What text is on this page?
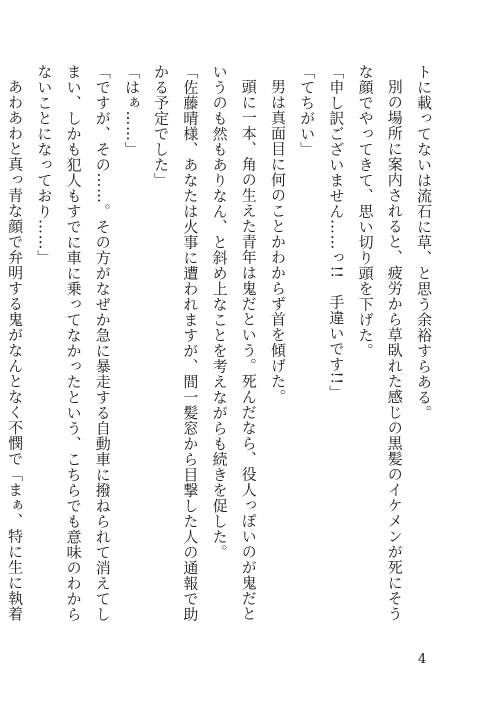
トに載ってないは流石に草、と思う余裕すらある。

別の場所に案内されると、疲労から草臥れた感じの黒髪のイケメンが死にそうな顔でやってきて、思い切り頭を下げた。

「申し訳ございません……っ!!　手違いです!!」

「てちがい」

男は真面目に何のことかわからず首を傾げた。

頭に一本、角の生えた青年は鬼だという。死んだなら、役人っぽいのが鬼だというのも然もありなん、と斜め上なことを考えながらも続きを促した。

「佐藤晴様、あなたは火事に遭われますが、間一髪窓から目撃した人の通報で助かる予定でした」

「はぁ……」

「ですが、その……。その方がなぜか急に暴走する自動車に撥ねられて消えてしまい、しかも犯人もすでに車に乗ってなかったという、こちらでも意味のわからないことになっており……」

あわあわと真っ青な顔で弁明する鬼がなんとなく不憫で「まぁ、特に生に執着

4
